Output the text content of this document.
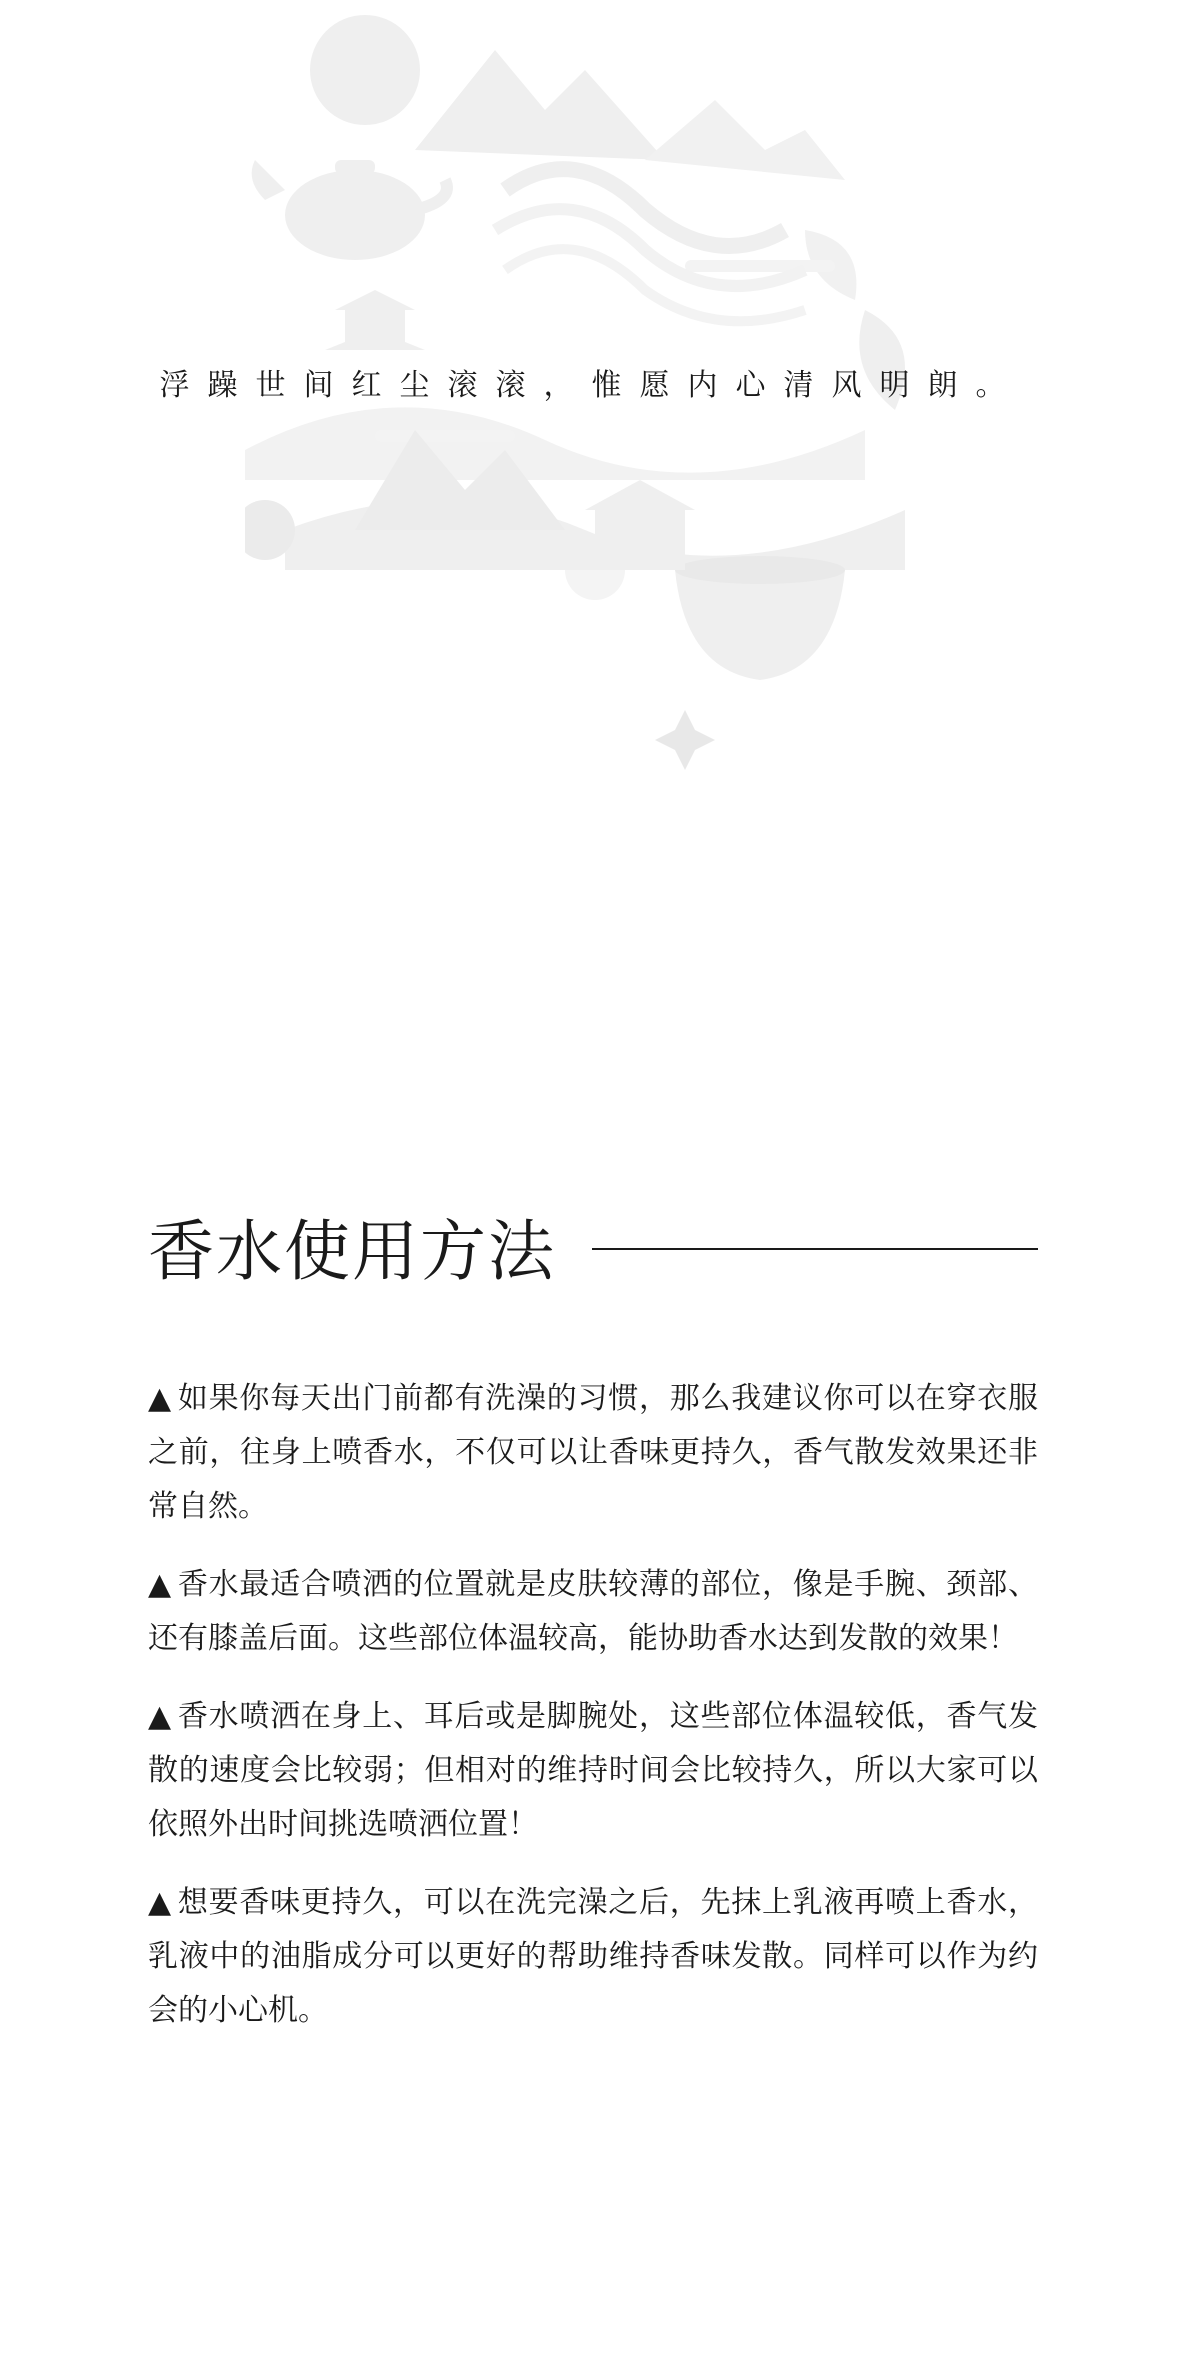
浮躁世间红尘滚滚，惟愿内心清风明朗。
香水使用方法

▲ 如果你每天出门前都有洗澡的习惯，那么我建议你可以在穿衣服之前，往身上喷香水，不仅可以让香味更持久，香气散发效果还非常自然。

▲ 香水最适合喷洒的位置就是皮肤较薄的部位，像是手腕、颈部、还有膝盖后面。这些部位体温较高，能协助香水达到发散的效果！

▲ 香水喷洒在身上、耳后或是脚腕处，这些部位体温较低，香气发散的速度会比较弱；但相对的维持时间会比较持久，所以大家可以依照外出时间挑选喷洒位置！

▲ 想要香味更持久，可以在洗完澡之后，先抹上乳液再喷上香水，乳液中的油脂成分可以更好的帮助维持香味发散。同样可以作为约会的小心机。
